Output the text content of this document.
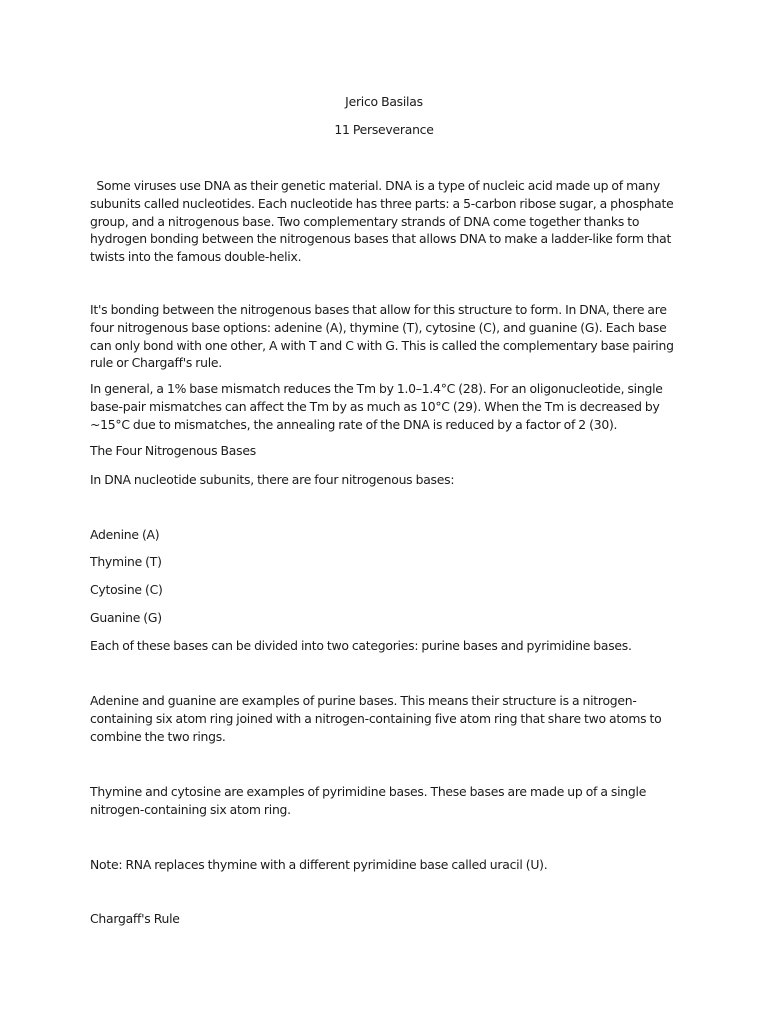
Jerico Basilas

11 Perseverance

Some viruses use DNA as their genetic material. DNA is a type of nucleic acid made up of many subunits called nucleotides. Each nucleotide has three parts: a 5-carbon ribose sugar, a phosphate group, and a nitrogenous base. Two complementary strands of DNA come together thanks to hydrogen bonding between the nitrogenous bases that allows DNA to make a ladder-like form that twists into the famous double-helix.

It's bonding between the nitrogenous bases that allow for this structure to form. In DNA, there are four nitrogenous base options: adenine (A), thymine (T), cytosine (C), and guanine (G). Each base can only bond with one other, A with T and C with G. This is called the complementary base pairing rule or Chargaff's rule.

In general, a 1% base mismatch reduces the Tm by 1.0–1.4°C (28). For an oligonucleotide, single base-pair mismatches can affect the Tm by as much as 10°C (29). When the Tm is decreased by ~15°C due to mismatches, the annealing rate of the DNA is reduced by a factor of 2 (30).

The Four Nitrogenous Bases

In DNA nucleotide subunits, there are four nitrogenous bases:

Adenine (A)

Thymine (T)

Cytosine (C)

Guanine (G)

Each of these bases can be divided into two categories: purine bases and pyrimidine bases.

Adenine and guanine are examples of purine bases. This means their structure is a nitrogen-containing six atom ring joined with a nitrogen-containing five atom ring that share two atoms to combine the two rings.

Thymine and cytosine are examples of pyrimidine bases. These bases are made up of a single nitrogen-containing six atom ring.

Note: RNA replaces thymine with a different pyrimidine base called uracil (U).

Chargaff's Rule
